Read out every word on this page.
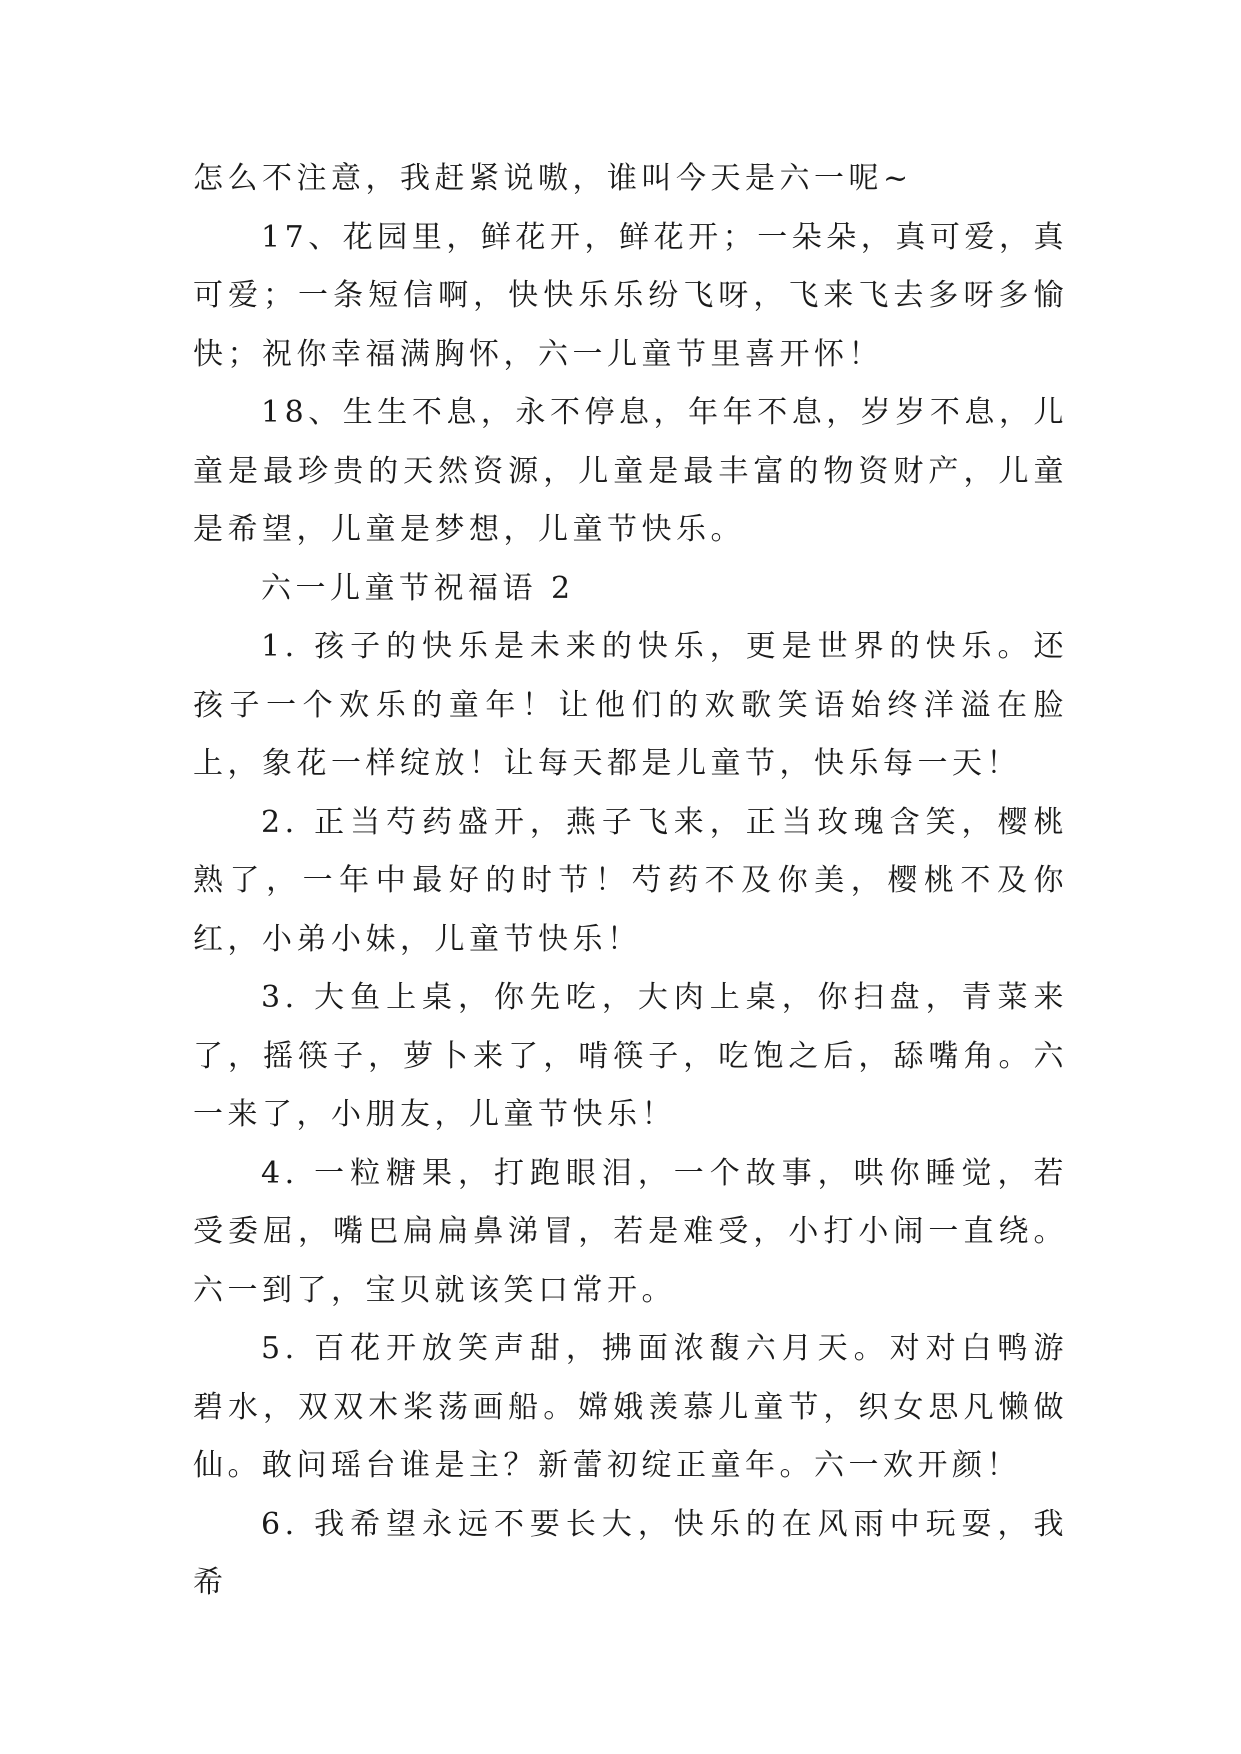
怎么不注意，我赶紧说嗷，谁叫今天是六一呢~

17、花园里，鲜花开，鲜花开；一朵朵，真可爱，真可爱；一条短信啊，快快乐乐纷飞呀，飞来飞去多呀多愉快；祝你幸福满胸怀，六一儿童节里喜开怀！

18、生生不息，永不停息，年年不息，岁岁不息，儿童是最珍贵的天然资源，儿童是最丰富的物资财产，儿童是希望，儿童是梦想，儿童节快乐。

六一儿童节祝福语 2

1. 孩子的快乐是未来的快乐，更是世界的快乐。还孩子一个欢乐的童年！让他们的欢歌笑语始终洋溢在脸上，象花一样绽放！让每天都是儿童节，快乐每一天！

2. 正当芍药盛开，燕子飞来，正当玫瑰含笑，樱桃熟了，一年中最好的时节！芍药不及你美，樱桃不及你红，小弟小妹，儿童节快乐！

3. 大鱼上桌，你先吃，大肉上桌，你扫盘，青菜来了，摇筷子，萝卜来了，啃筷子，吃饱之后，舔嘴角。六一来了，小朋友，儿童节快乐！

4. 一粒糖果，打跑眼泪，一个故事，哄你睡觉，若受委屈，嘴巴扁扁鼻涕冒，若是难受，小打小闹一直绕。六一到了，宝贝就该笑口常开。

5. 百花开放笑声甜，拂面浓馥六月天。对对白鸭游碧水，双双木桨荡画船。嫦娥羡慕儿童节，织女思凡懒做仙。敢问瑶台谁是主？新蕾初绽正童年。六一欢开颜！

6. 我希望永远不要长大，快乐的在风雨中玩耍，我希
